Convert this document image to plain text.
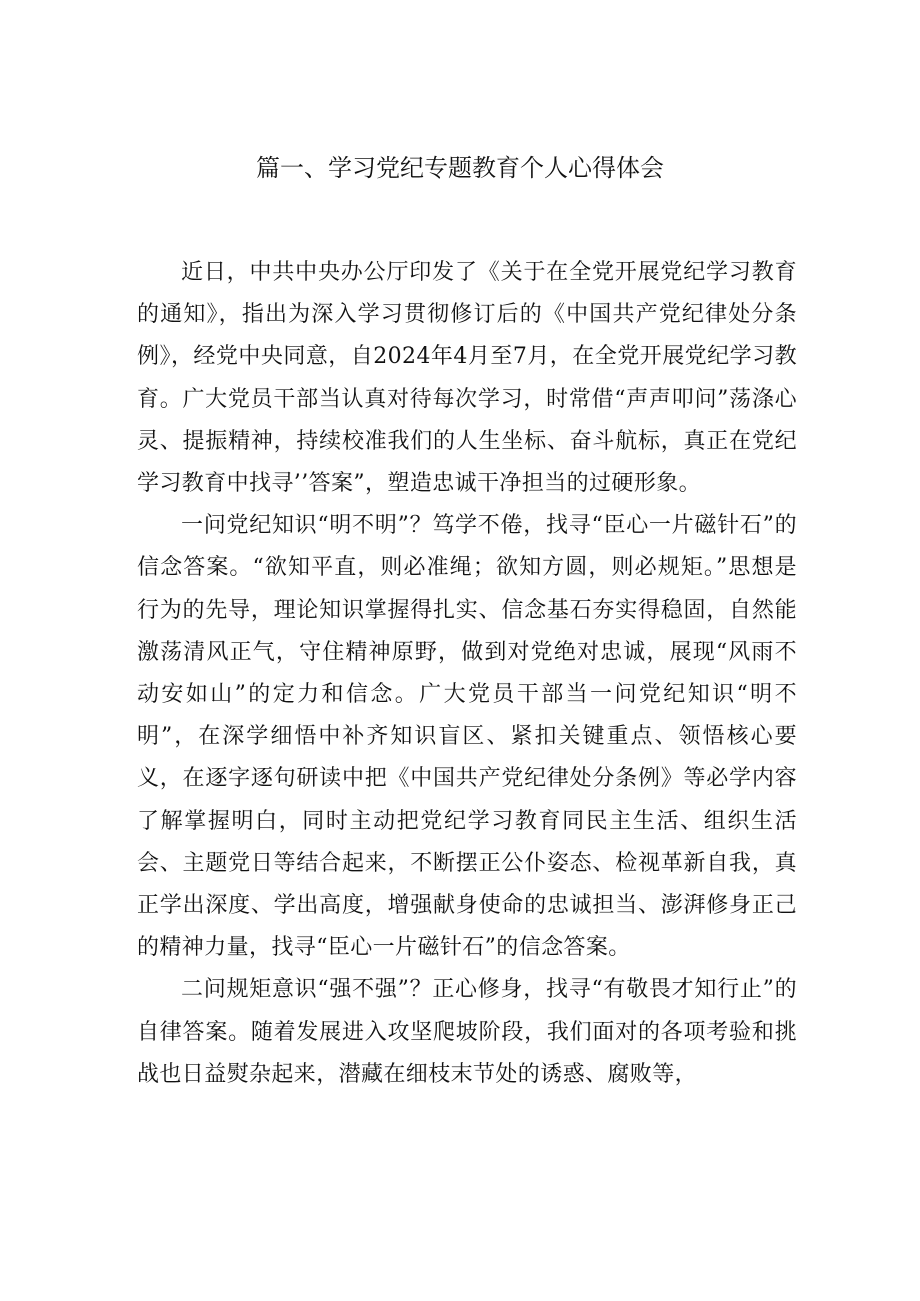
篇一、学习党纪专题教育个人心得体会

近日，中共中央办公厅印发了《关于在全党开展党纪学习教育的通知》，指出为深入学习贯彻修订后的《中国共产党纪律处分条例》，经党中央同意，自2024年4月至7月，在全党开展党纪学习教育。广大党员干部当认真对待每次学习，时常借“声声叩问”荡涤心灵、提振精神，持续校准我们的人生坐标、奋斗航标，真正在党纪学习教育中找寻’’答案”，塑造忠诚干净担当的过硬形象。

一问党纪知识“明不明”？笃学不倦，找寻“臣心一片磁针石”的信念答案。“欲知平直，则必准绳；欲知方圆，则必规矩。”思想是行为的先导，理论知识掌握得扎实、信念基石夯实得稳固，自然能激荡清风正气，守住精神原野，做到对党绝对忠诚，展现“风雨不动安如山”的定力和信念。广大党员干部当一问党纪知识“明不明”，在深学细悟中补齐知识盲区、紧扣关键重点、领悟核心要义，在逐字逐句研读中把《中国共产党纪律处分条例》等必学内容了解掌握明白，同时主动把党纪学习教育同民主生活、组织生活会、主题党日等结合起来，不断摆正公仆姿态、检视革新自我，真正学出深度、学出高度，增强献身使命的忠诚担当、澎湃修身正己的精神力量，找寻“臣心一片磁针石”的信念答案。

二问规矩意识“强不强”？正心修身，找寻“有敬畏才知行止”的自律答案。随着发展进入攻坚爬坡阶段，我们面对的各项考验和挑战也日益熨杂起来，潜藏在细枝末节处的诱惑、腐败等，
